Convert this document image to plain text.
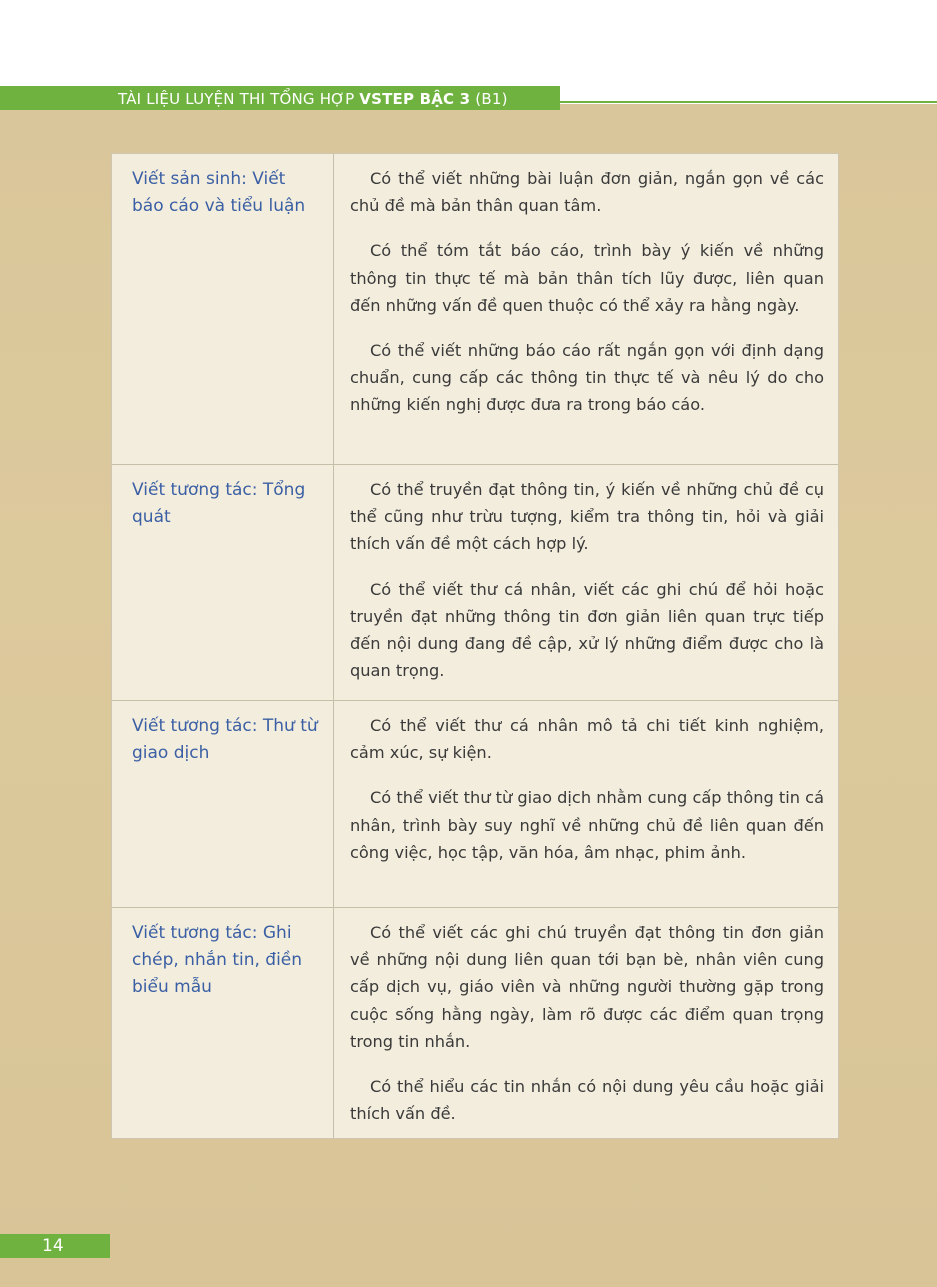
TÀI LIỆU LUYỆN THI TỔNG HỢP VSTEP BẬC 3 (B1)
Viết sản sinh: Viết báo cáo và tiểu luận

Có thể viết những bài luận đơn giản, ngắn gọn về các chủ đề mà bản thân quan tâm.

Có thể tóm tắt báo cáo, trình bày ý kiến về những thông tin thực tế mà bản thân tích lũy được, liên quan đến những vấn đề quen thuộc có thể xảy ra hằng ngày.

Có thể viết những báo cáo rất ngắn gọn với định dạng chuẩn, cung cấp các thông tin thực tế và nêu lý do cho những kiến nghị được đưa ra trong báo cáo.

Viết tương tác: Tổng quát

Có thể truyền đạt thông tin, ý kiến về những chủ đề cụ thể cũng như trừu tượng, kiểm tra thông tin, hỏi và giải thích vấn đề một cách hợp lý.

Có thể viết thư cá nhân, viết các ghi chú để hỏi hoặc truyền đạt những thông tin đơn giản liên quan trực tiếp đến nội dung đang đề cập, xử lý những điểm được cho là quan trọng.

Viết tương tác: Thư từ giao dịch

Có thể viết thư cá nhân mô tả chi tiết kinh nghiệm, cảm xúc, sự kiện.

Có thể viết thư từ giao dịch nhằm cung cấp thông tin cá nhân, trình bày suy nghĩ về những chủ đề liên quan đến công việc, học tập, văn hóa, âm nhạc, phim ảnh.

Viết tương tác: Ghi chép, nhắn tin, điền biểu mẫu

Có thể viết các ghi chú truyền đạt thông tin đơn giản về những nội dung liên quan tới bạn bè, nhân viên cung cấp dịch vụ, giáo viên và những người thường gặp trong cuộc sống hằng ngày, làm rõ được các điểm quan trọng trong tin nhắn.

Có thể hiểu các tin nhắn có nội dung yêu cầu hoặc giải thích vấn đề.

14
